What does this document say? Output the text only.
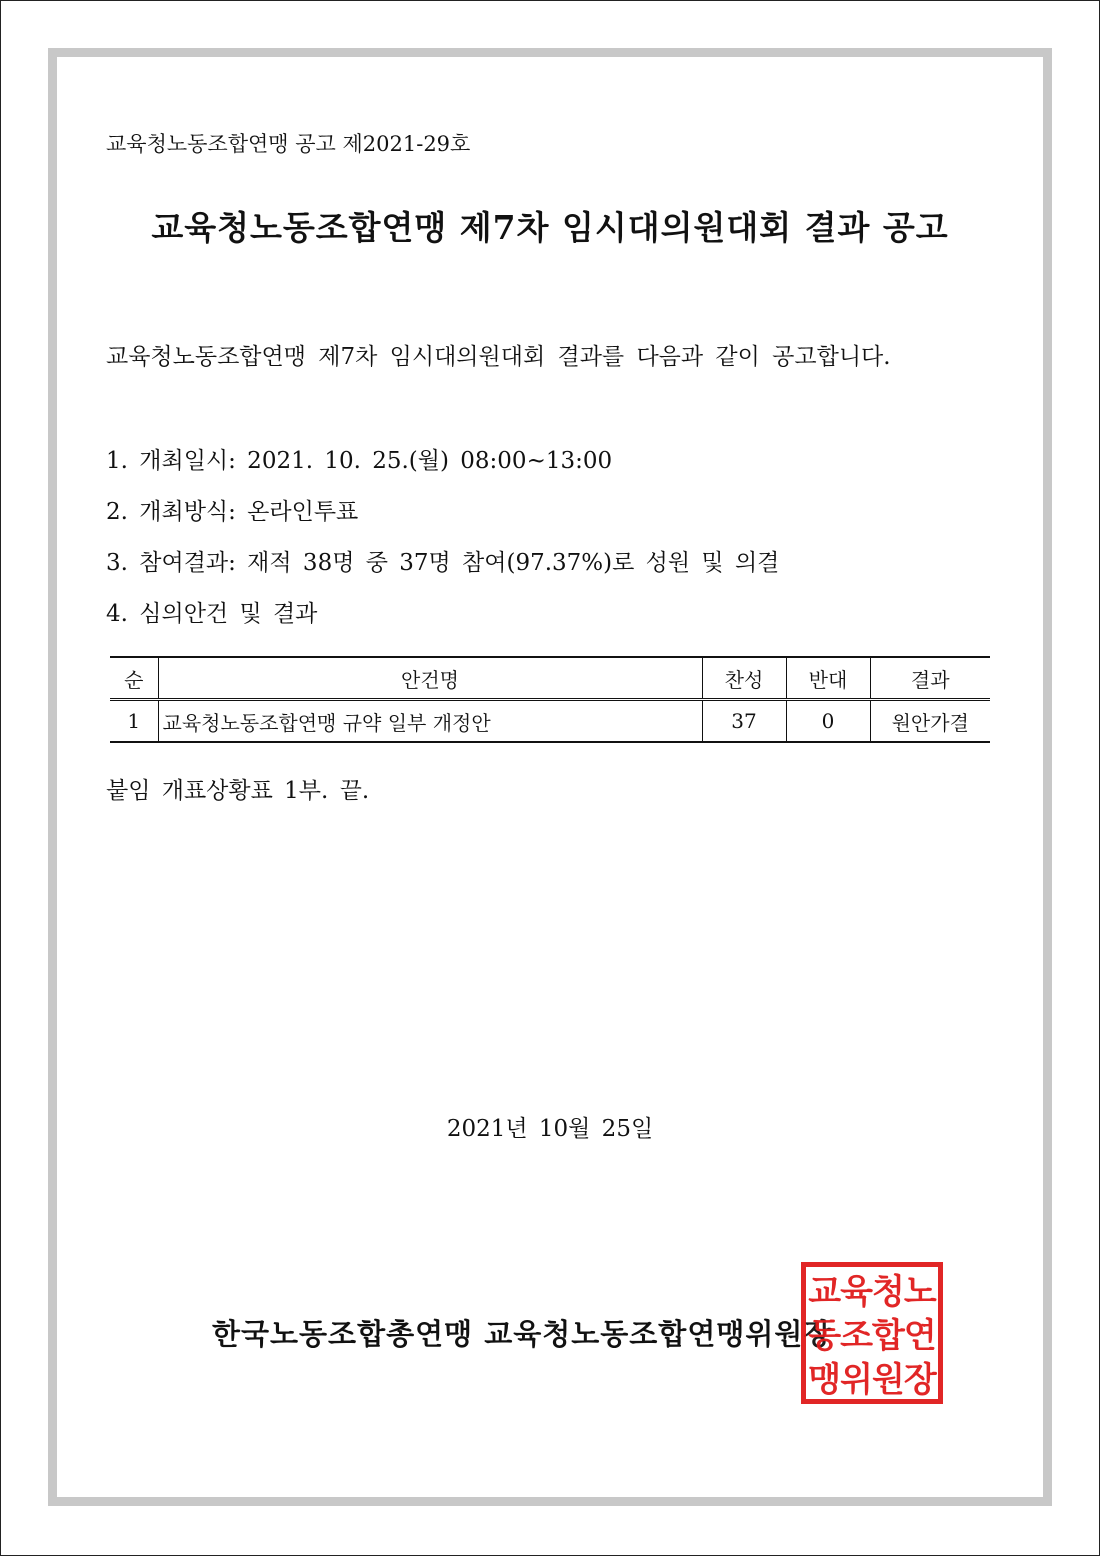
교육청노동조합연맹 공고 제2021-29호
교육청노동조합연맹 제7차 임시대의원대회 결과 공고
교육청노동조합연맹 제7차 임시대의원대회 결과를 다음과 같이 공고합니다.
1. 개최일시: 2021. 10. 25.(월) 08:00~13:00
2. 개최방식: 온라인투표
3. 참여결과: 재적 38명 중 37명 참여(97.37%)로 성원 및 의결
4. 심의안건 및 결과
순	안건명	찬성	반대	결과
1	교육청노동조합연맹 규약 일부 개정안	37	0	원안가결
붙임 개표상황표 1부. 끝.
2021년 10월 25일
한국노동조합총연맹 교육청노동조합연맹위원장
교육청노
동조합연
맹위원장
